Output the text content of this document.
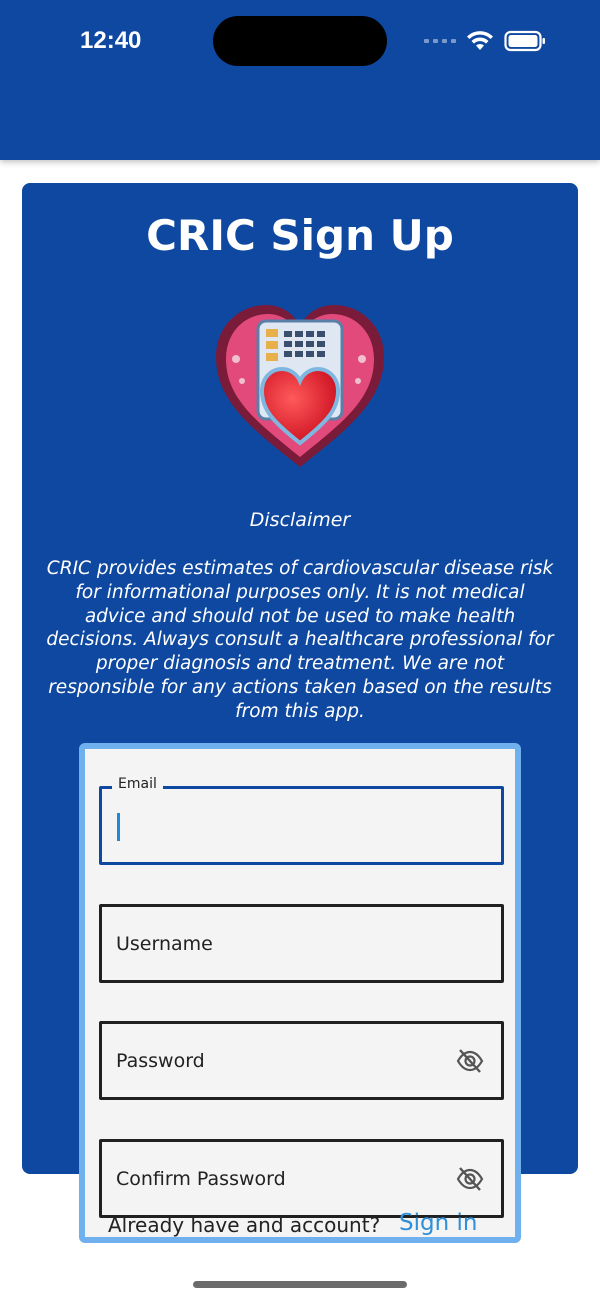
12:40
CRIC Sign Up
Disclaimer
CRIC provides estimates of cardiovascular disease risk for informational purposes only. It is not medical advice and should not be used to make health decisions. Always consult a healthcare professional for proper diagnosis and treatment. We are not responsible for any actions taken based on the results from this app.
Email
Username
Password
Confirm Password
Already have and account? Sign in
